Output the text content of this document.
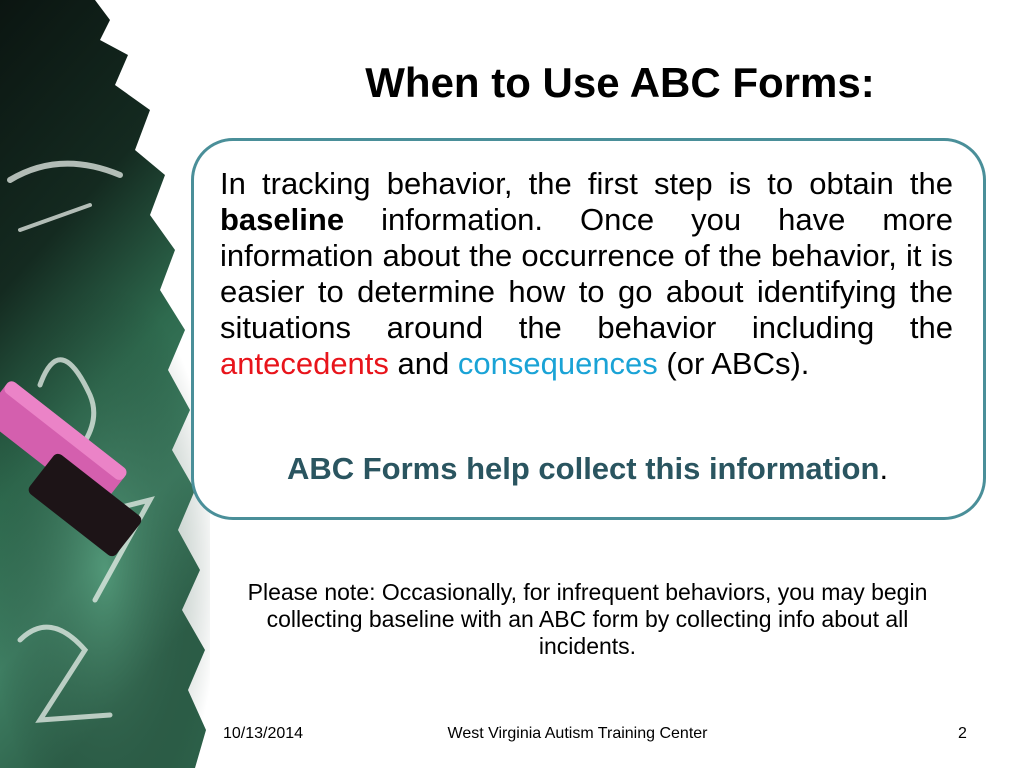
When to Use ABC Forms:
In tracking behavior, the first step is to obtain the baseline information. Once you have more information about the occurrence of the behavior, it is easier to determine how to go about identifying the situations around the behavior including the antecedents and consequences (or ABCs).
ABC Forms help collect this information.
Please note: Occasionally, for infrequent behaviors, you may begin collecting baseline with an ABC form by collecting info about all incidents.
10/13/2014	West Virginia Autism Training Center	2
